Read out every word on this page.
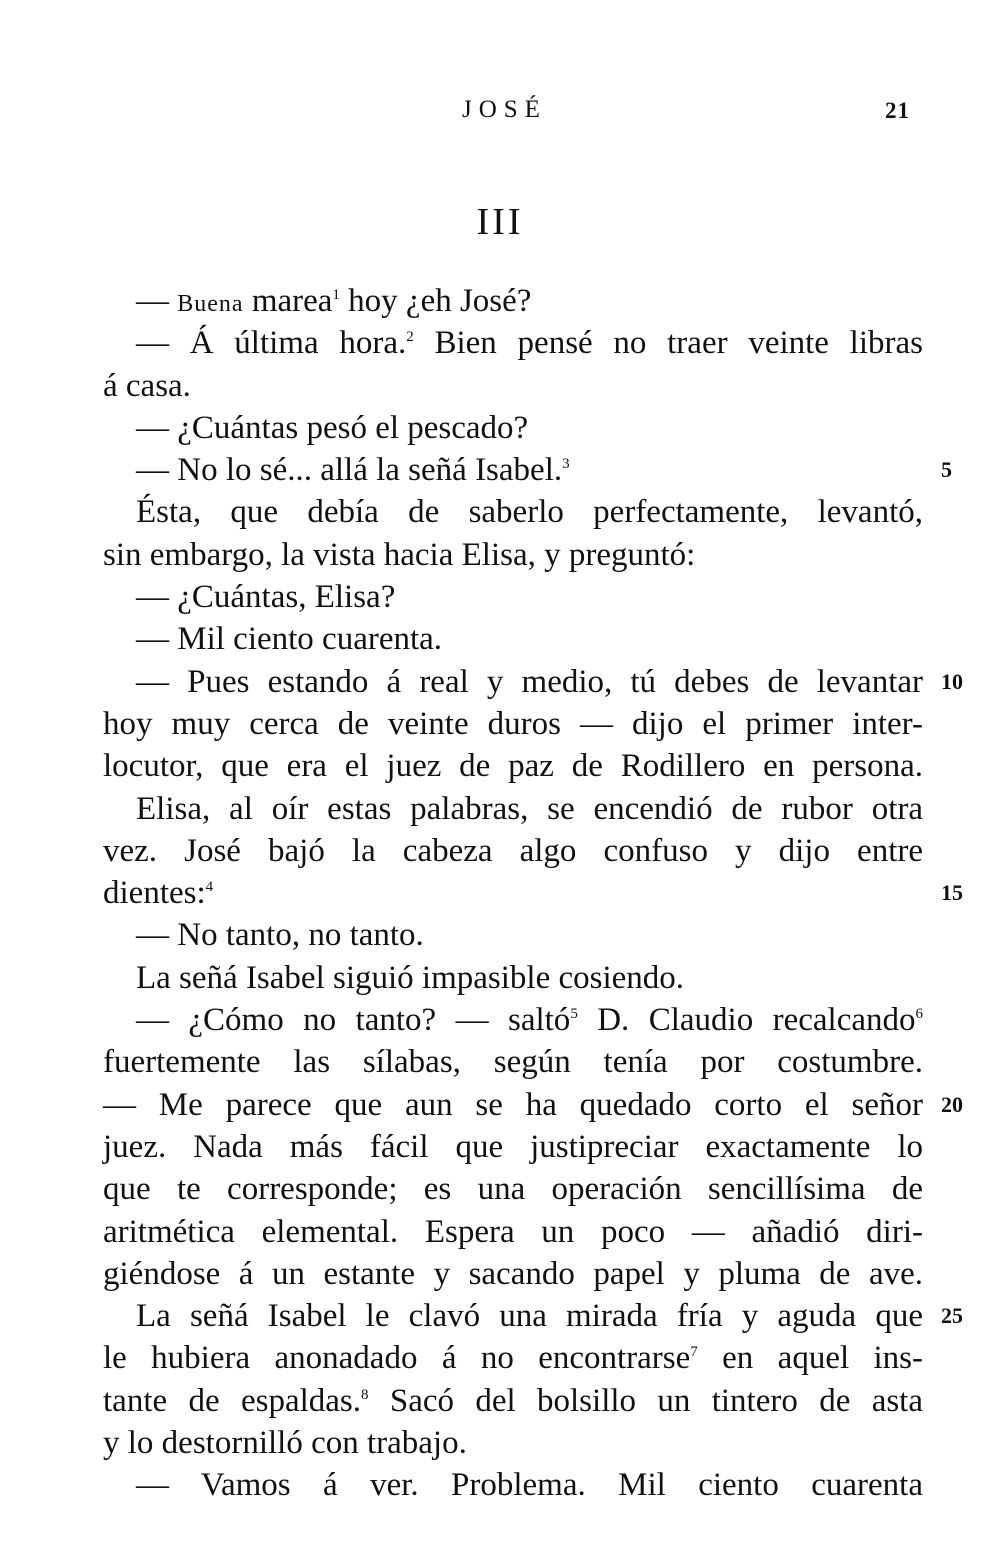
JOSÉ	21
III
— Buena marea$^1$ hoy ¿eh José?
— Á última hora.$^2$ Bien pensé no traer veinte libras
á casa.
— ¿Cuántas pesó el pescado?
— No lo sé... allá la señá Isabel.$^3$	5
Ésta, que debía de saberlo perfectamente, levantó,
sin embargo, la vista hacia Elisa, y preguntó:
— ¿Cuántas, Elisa?
— Mil ciento cuarenta.
— Pues estando á real y medio, tú debes de levantar 10
hoy muy cerca de veinte duros — dijo el primer inter-
locutor, que era el juez de paz de Rodillero en persona.
Elisa, al oír estas palabras, se encendió de rubor otra
vez. José bajó la cabeza algo confuso y dijo entre
dientes:$^4$	15
— No tanto, no tanto.
La señá Isabel siguió impasible cosiendo.
— ¿Cómo no tanto? — saltó$^5$ D. Claudio recalcando$^6$
fuertemente las sílabas, según tenía por costumbre.
— Me parece que aun se ha quedado corto el señor 20
juez. Nada más fácil que justipreciar exactamente lo
que te corresponde; es una operación sencillísima de
aritmética elemental. Espera un poco — añadió diri-
giéndose á un estante y sacando papel y pluma de ave.
La señá Isabel le clavó una mirada fría y aguda que 25
le hubiera anonadado á no encontrarse$^7$ en aquel ins-
tante de espaldas.$^8$ Sacó del bolsillo un tintero de asta
y lo destornilló con trabajo.
— Vamos á ver. Problema. Mil ciento cuarenta
